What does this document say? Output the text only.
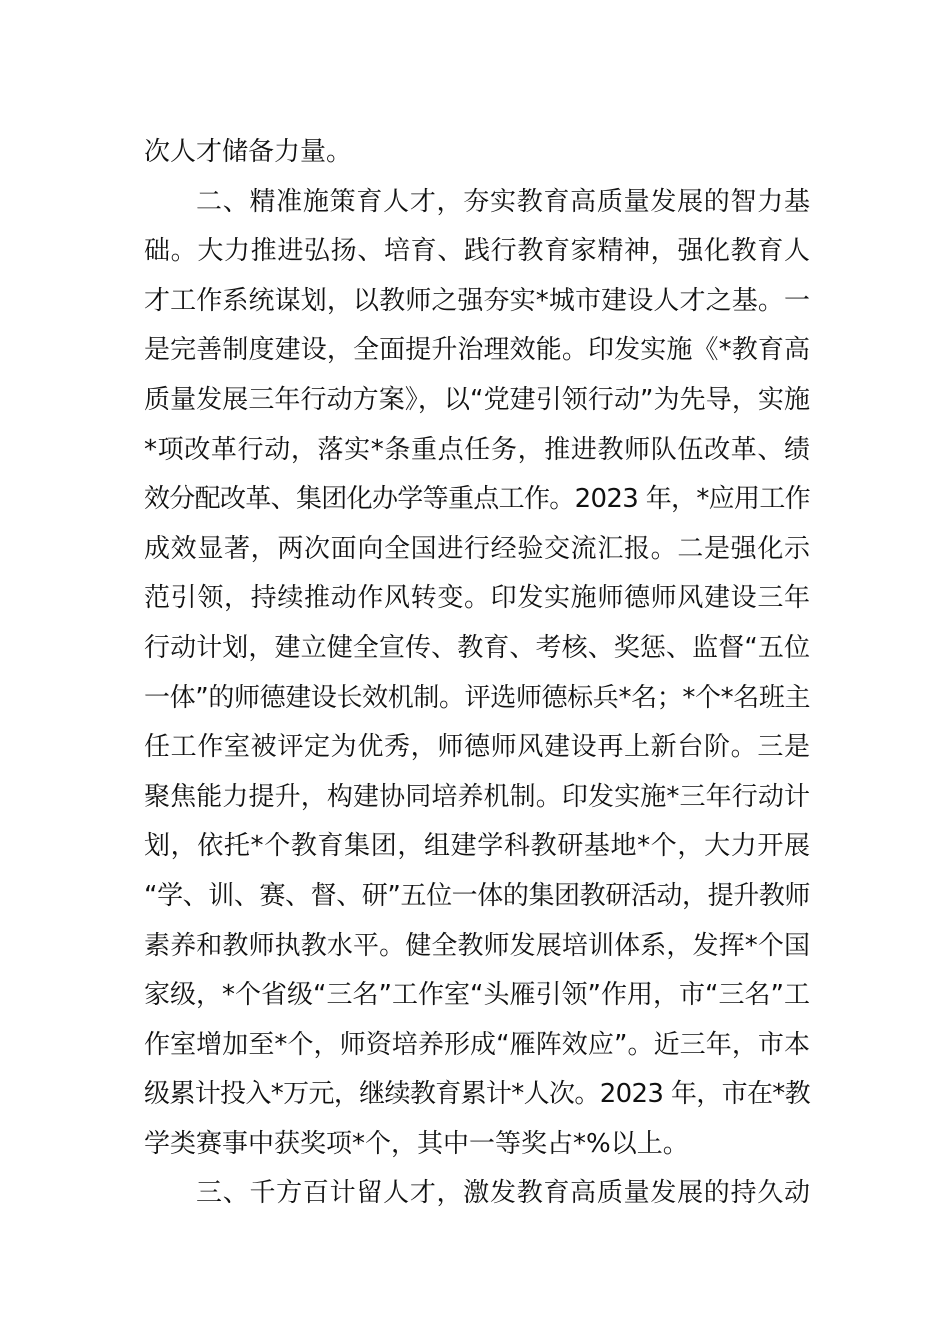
次人才储备力量。
二、精准施策育人才，夯实教育高质量发展的智力基
础。大力推进弘扬、培育、践行教育家精神，强化教育人
才工作系统谋划，以教师之强夯实*城市建设人才之基。一
是完善制度建设，全面提升治理效能。印发实施《*教育高
质量发展三年行动方案》，以“党建引领行动”为先导，实施
*项改革行动，落实*条重点任务，推进教师队伍改革、绩
效分配改革、集团化办学等重点工作。2023 年，*应用工作
成效显著，两次面向全国进行经验交流汇报。二是强化示
范引领，持续推动作风转变。印发实施师德师风建设三年
行动计划，建立健全宣传、教育、考核、奖惩、监督“五位
一体”的师德建设长效机制。评选师德标兵*名；*个*名班主
任工作室被评定为优秀，师德师风建设再上新台阶。三是
聚焦能力提升，构建协同培养机制。印发实施*三年行动计
划，依托*个教育集团，组建学科教研基地*个，大力开展
“学、训、赛、督、研”五位一体的集团教研活动，提升教师
素养和教师执教水平。健全教师发展培训体系，发挥*个国
家级，*个省级“三名”工作室“头雁引领”作用，市“三名”工
作室增加至*个，师资培养形成“雁阵效应”。近三年，市本
级累计投入*万元，继续教育累计*人次。2023 年，市在*教
学类赛事中获奖项*个，其中一等奖占*%以上。
三、千方百计留人才，激发教育高质量发展的持久动
